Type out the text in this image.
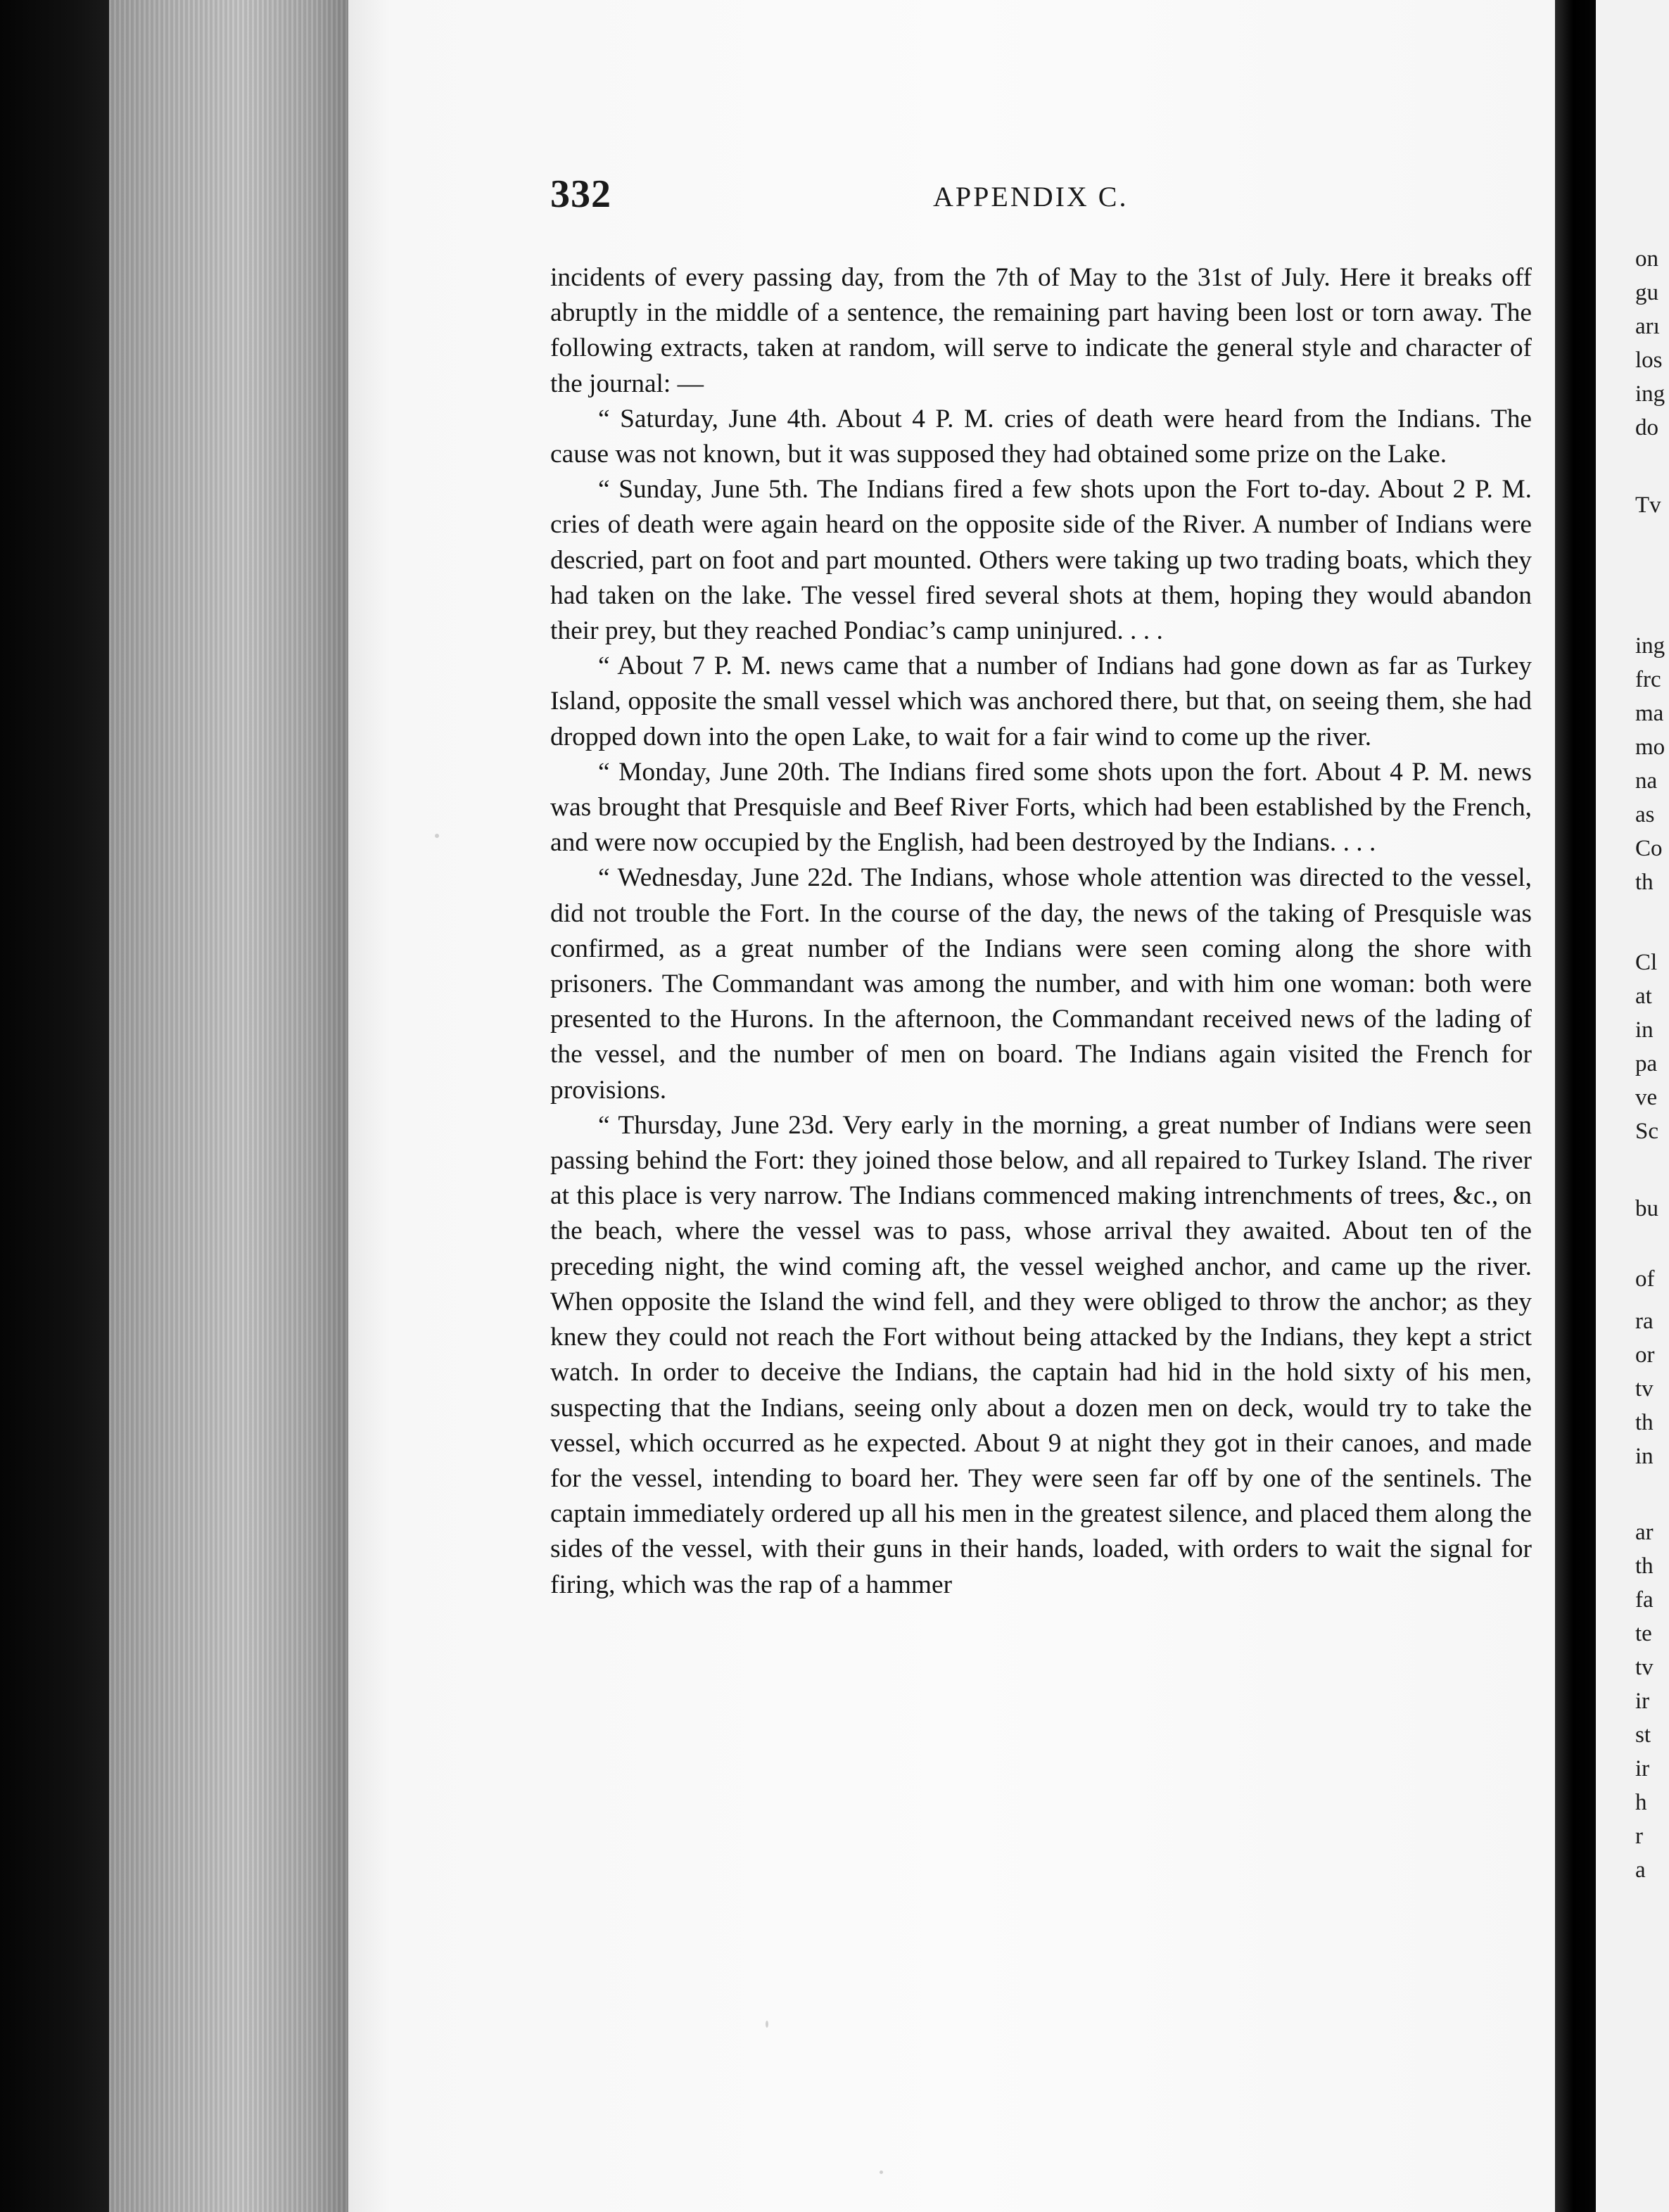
332	APPENDIX C.

incidents of every passing day, from the 7th of May to the 31st of July. Here it breaks off abruptly in the middle of a sentence, the remaining part having been lost or torn away. The following extracts, taken at random, will serve to indicate the general style and character of the journal: —

“ Saturday, June 4th. About 4 P. M. cries of death were heard from the Indians. The cause was not known, but it was supposed they had obtained some prize on the Lake.

“ Sunday, June 5th. The Indians fired a few shots upon the Fort to-day. About 2 P. M. cries of death were again heard on the opposite side of the River. A number of Indians were descried, part on foot and part mounted. Others were taking up two trading boats, which they had taken on the lake. The vessel fired several shots at them, hoping they would abandon their prey, but they reached Pondiac’s camp uninjured. . . .

“ About 7 P. M. news came that a number of Indians had gone down as far as Turkey Island, opposite the small vessel which was anchored there, but that, on seeing them, she had dropped down into the open Lake, to wait for a fair wind to come up the river.

“ Monday, June 20th. The Indians fired some shots upon the fort. About 4 P. M. news was brought that Presquisle and Beef River Forts, which had been established by the French, and were now occupied by the English, had been destroyed by the Indians. . . .

“ Wednesday, June 22d. The Indians, whose whole attention was directed to the vessel, did not trouble the Fort. In the course of the day, the news of the taking of Presquisle was confirmed, as a great number of the Indians were seen coming along the shore with prisoners. The Commandant was among the number, and with him one woman: both were presented to the Hurons. In the afternoon, the Commandant received news of the lading of the vessel, and the number of men on board. The Indians again visited the French for provisions.

“ Thursday, June 23d. Very early in the morning, a great number of Indians were seen passing behind the Fort: they joined those below, and all repaired to Turkey Island. The river at this place is very narrow. The Indians commenced making intrenchments of trees, &c., on the beach, where the vessel was to pass, whose arrival they awaited. About ten of the preceding night, the wind coming aft, the vessel weighed anchor, and came up the river. When opposite the Island the wind fell, and they were obliged to throw the anchor; as they knew they could not reach the Fort without being attacked by the Indians, they kept a strict watch. In order to deceive the Indians, the captain had hid in the hold sixty of his men, suspecting that the Indians, seeing only about a dozen men on deck, would try to take the vessel, which occurred as he expected. About 9 at night they got in their canoes, and made for the vessel, intending to board her. They were seen far off by one of the sentinels. The captain immediately ordered up all his men in the greatest silence, and placed them along the sides of the vessel, with their guns in their hands, loaded, with orders to wait the signal for firing, which was the rap of a hammer

on
gu
arı
los
ing
do
Tv
ing
frc
ma
mo
na
as
Co
th
Cl
at
in
pa
ve
Sc
bu
of
ra
or
tv
th
in
ar
th
fa
te
tv
ir
st
ir
h
r
a
